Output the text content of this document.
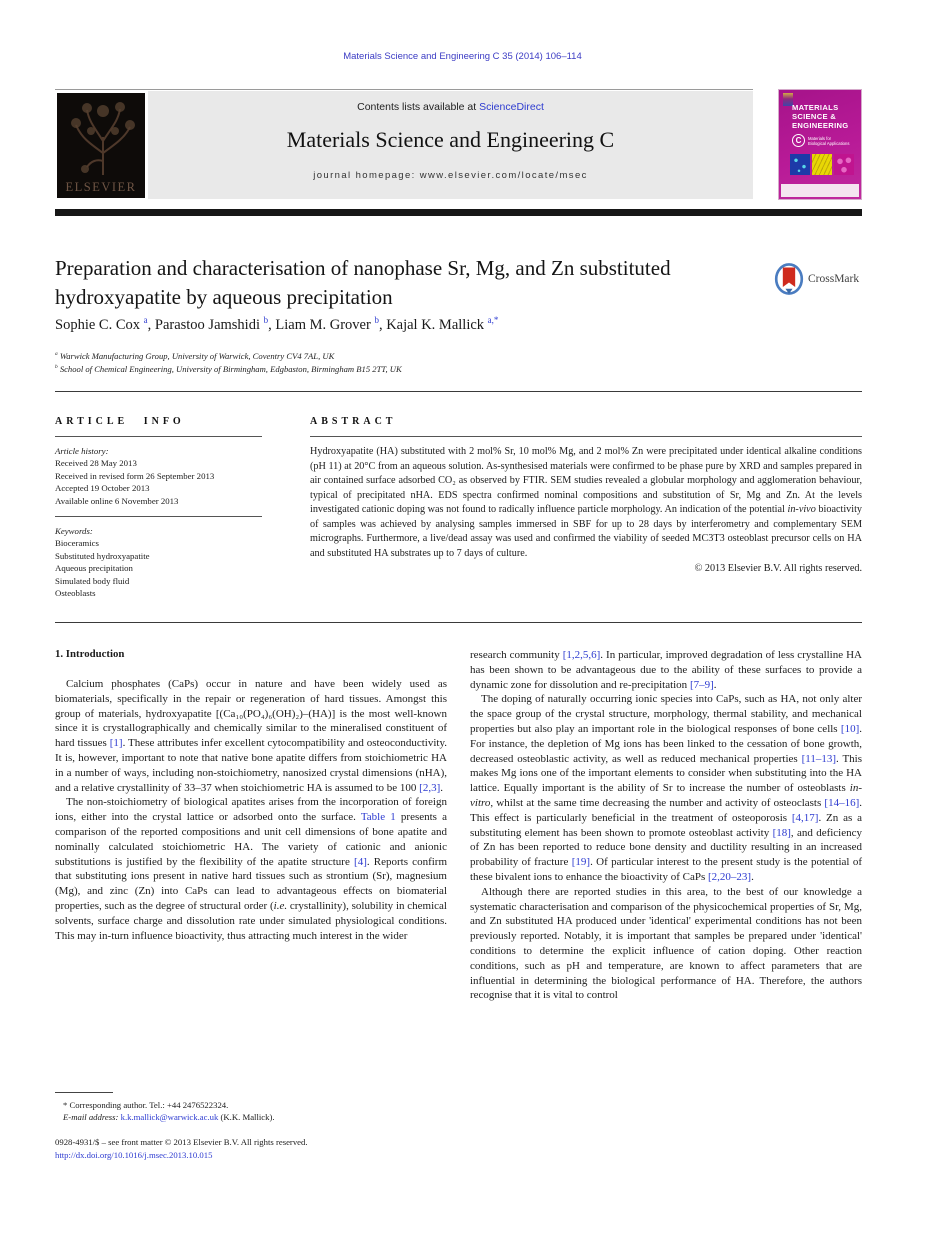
Materials Science and Engineering C 35 (2014) 106–114
ELSEVIER
Contents lists available at ScienceDirect
Materials Science and Engineering C
journal homepage: www.elsevier.com/locate/msec
MATERIALS
SCIENCE &
ENGINEERING
C	Materials for
Biological Applications
Preparation and characterisation of nanophase Sr, Mg, and Zn substituted hydroxyapatite by aqueous precipitation
CrossMark
Sophie C. Cox $^a$, Parastoo Jamshidi $^b$, Liam M. Grover $^b$, Kajal K. Mallick $^{a,*}$
$^a$ Warwick Manufacturing Group, University of Warwick, Coventry CV4 7AL, UK
$^b$ School of Chemical Engineering, University of Birmingham, Edgbaston, Birmingham B15 2TT, UK
ARTICLE INFO
Article history:
Received 28 May 2013
Received in revised form 26 September 2013
Accepted 19 October 2013
Available online 6 November 2013
Keywords:
Bioceramics
Substituted hydroxyapatite
Aqueous precipitation
Simulated body fluid
Osteoblasts
ABSTRACT
Hydroxyapatite (HA) substituted with 2 mol% Sr, 10 mol% Mg, and 2 mol% Zn were precipitated under identical alkaline conditions (pH 11) at 20°C from an aqueous solution. As-synthesised materials were confirmed to be phase pure by XRD and samples prepared in air contained surface adsorbed CO₂ as observed by FTIR. SEM studies revealed a globular morphology and agglomeration behaviour, typical of precipitated nHA. EDS spectra confirmed nominal compositions and substitution of Sr, Mg and Zn. At the levels investigated cationic doping was not found to radically influence particle morphology. An indication of the potential in-vivo bioactivity of samples was achieved by analysing samples immersed in SBF for up to 28 days by interferometry and complementary SEM micrographs. Furthermore, a live/dead assay was used and confirmed the viability of seeded MC3T3 osteoblast precursor cells on HA and substituted HA substrates up to 7 days of culture.
© 2013 Elsevier B.V. All rights reserved.
1. Introduction

Calcium phosphates (CaPs) occur in nature and have been widely used as biomaterials, specifically in the repair or regeneration of hard tissues. Amongst this group of materials, hydroxyapatite [(Ca₁₀(PO₄)₆(OH)₂)–(HA)] is the most well-known since it is crystallographically and chemically similar to the mineralised constituent of hard tissues [1]. These attributes infer excellent cytocompatibility and osteoconductivity. It is, however, important to note that native bone apatite differs from stoichiometric HA in a number of ways, including non-stoichiometry, nanosized crystal dimensions (nHA), and a relative crystallinity of 33–37 when stoichiometric HA is assumed to be 100 [2,3].

The non-stoichiometry of biological apatites arises from the incorporation of foreign ions, either into the crystal lattice or adsorbed onto the surface. Table 1 presents a comparison of the reported compositions and unit cell dimensions of bone apatite and nominally calculated stoichiometric HA. The variety of cationic and anionic substitutions is justified by the flexibility of the apatite structure [4]. Reports confirm that substituting ions present in native hard tissues such as strontium (Sr), magnesium (Mg), and zinc (Zn) into CaPs can lead to advantageous effects on biomaterial properties, such as the degree of structural order (i.e. crystallinity), solubility in chemical solvents, surface charge and dissolution rate under simulated physiological conditions. This may in-turn influence bioactivity, thus attracting much interest in the wider

research community [1,2,5,6]. In particular, improved degradation of less crystalline HA has been shown to be advantageous due to the ability of these surfaces to provide a dynamic zone for dissolution and re-precipitation [7–9].

The doping of naturally occurring ionic species into CaPs, such as HA, not only alter the space group of the crystal structure, morphology, thermal stability, and mechanical properties but also play an important role in the biological responses of bone cells [10]. For instance, the depletion of Mg ions has been linked to the cessation of bone growth, decreased osteoblastic activity, as well as reduced mechanical properties [11–13]. This makes Mg ions one of the important elements to consider when substituting into the HA lattice. Equally important is the ability of Sr to increase the number of osteoblasts in-vitro, whilst at the same time decreasing the number and activity of osteoclasts [14–16]. This effect is particularly beneficial in the treatment of osteoporosis [4,17]. Zn as a substituting element has been shown to promote osteoblast activity [18], and deficiency of Zn has been reported to reduce bone density and ductility resulting in an increased probability of fracture [19]. Of particular interest to the present study is the potential of these bivalent ions to enhance the bioactivity of CaPs [2,20–23].

Although there are reported studies in this area, to the best of our knowledge a systematic characterisation and comparison of the physicochemical properties of Sr, Mg, and Zn substituted HA produced under 'identical' experimental conditions has not been previously reported. Notably, it is important that samples be prepared under 'identical' conditions to determine the explicit influence of cation doping. Other reaction conditions, such as pH and temperature, are known to affect parameters that are influential in determining the biological performance of HA. Therefore, the authors recognise that it is vital to control

* Corresponding author. Tel.: +44 2476522324.
E-mail address: k.k.mallick@warwick.ac.uk (K.K. Mallick).
0928-4931/$ – see front matter © 2013 Elsevier B.V. All rights reserved.
http://dx.doi.org/10.1016/j.msec.2013.10.015
